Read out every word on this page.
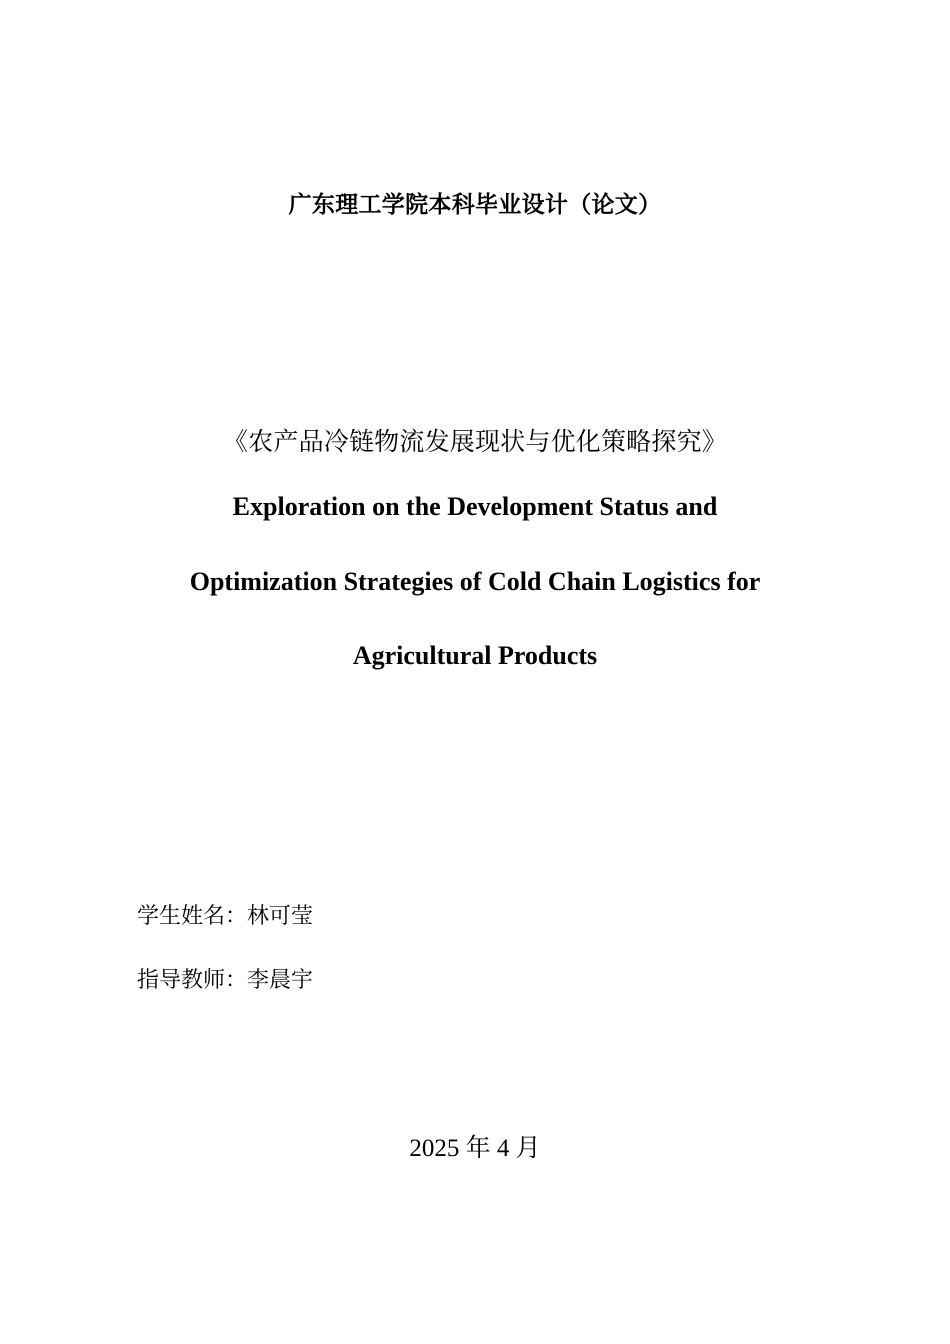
广东理工学院本科毕业设计（论文）
《农产品冷链物流发展现状与优化策略探究》
Exploration on the Development Status and
Optimization Strategies of Cold Chain Logistics for
Agricultural Products
学生姓名：林可莹
指导教师：李晨宇
2025 年 4 月
